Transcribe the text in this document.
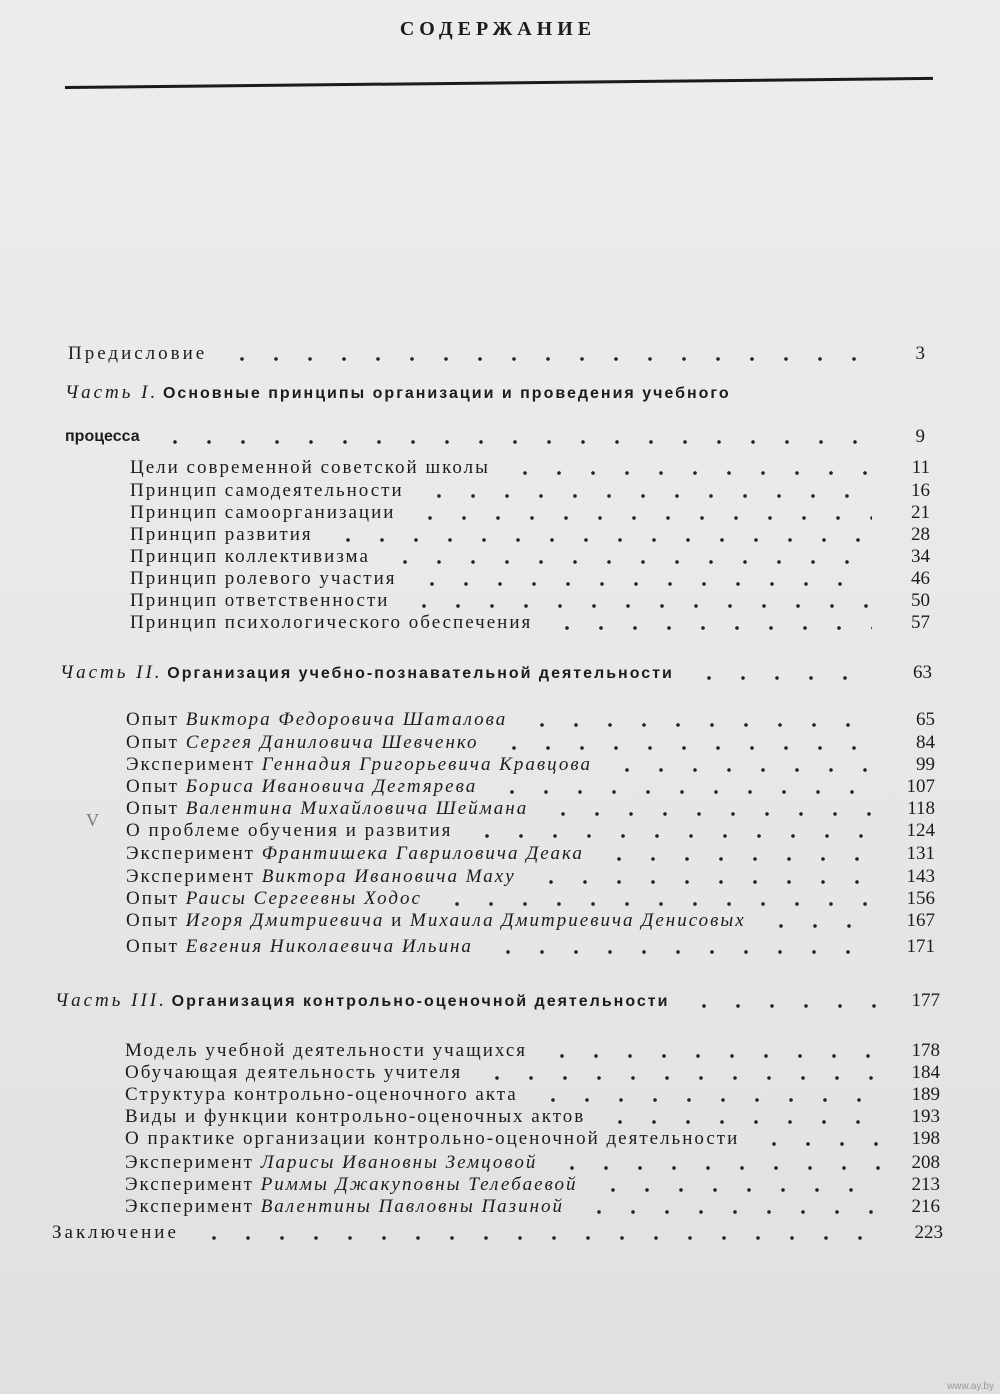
СОДЕРЖАНИЕ
V
Предисловие	3
Часть I. Основные принципы организации и проведения учебного
процесса	9
Цели современной советской школы	11
Принцип самодеятельности	16
Принцип самоорганизации	21
Принцип развития	28
Принцип коллективизма	34
Принцип ролевого участия	46
Принцип ответственности	50
Принцип психологического обеспечения	57
Часть II. Организация учебно-познавательной деятельности	63
Опыт Виктора Федоровича Шаталова	65
Опыт Сергея Даниловича Шевченко	84
Эксперимент Геннадия Григорьевича Кравцова	99
Опыт Бориса Ивановича Дегтярева	107
Опыт Валентина Михайловича Шеймана	118
О проблеме обучения и развития	124
Эксперимент Франтишека Гавриловича Деака	131
Эксперимент Виктора Ивановича Маху	143
Опыт Раисы Сергеевны Ходос	156
Опыт Игоря Дмитриевича и Михаила Дмитриевича Денисовых	167
Опыт Евгения Николаевича Ильина	171
Часть III. Организация контрольно-оценочной деятельности	177
Модель учебной деятельности учащихся	178
Обучающая деятельность учителя	184
Структура контрольно-оценочного акта	189
Виды и функции контрольно-оценочных актов	193
О практике организации контрольно-оценочной деятельности	198
Эксперимент Ларисы Ивановны Земцовой	208
Эксперимент Риммы Джакуповны Телебаевой	213
Эксперимент Валентины Павловны Пазиной	216
Заключение	223
www.ay.by
